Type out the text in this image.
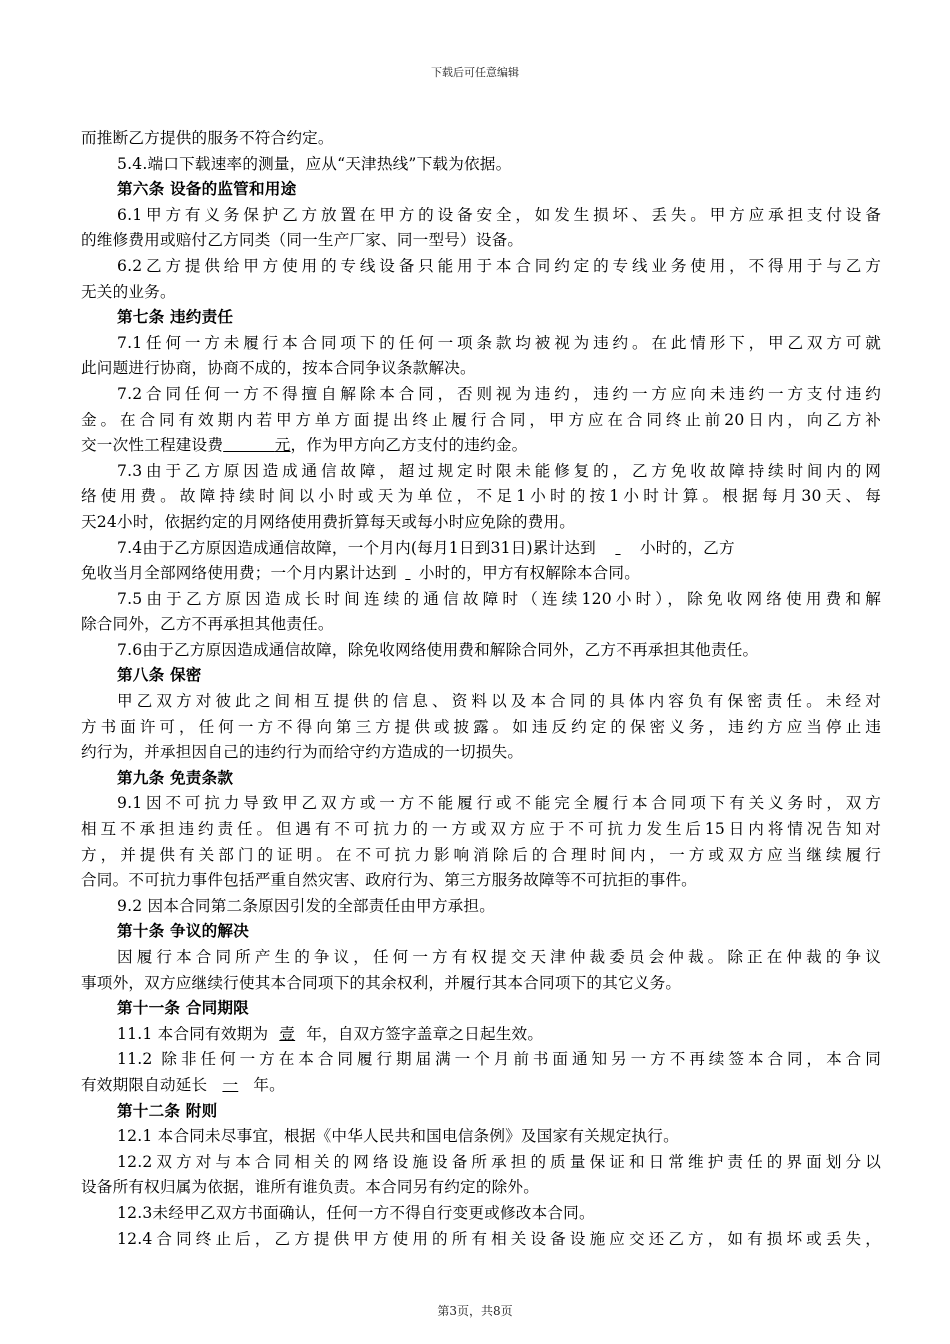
下载后可任意编辑
而推断乙方提供的服务不符合约定。
5.4.端口下载速率的测量，应从“天津热线”下载为依据。
第六条 设备的监管和用途
6.1甲方有义务保护乙方放置在甲方的设备安全，如发生损坏、丢失。甲方应承担支付设备
的维修费用或赔付乙方同类（同一生产厂家、同一型号）设备。
6.2乙方提供给甲方使用的专线设备只能用于本合同约定的专线业务使用，不得用于与乙方
无关的业务。
第七条 违约责任
7.1任何一方未履行本合同项下的任何一项条款均被视为违约。在此情形下，甲乙双方可就
此问题进行协商，协商不成的，按本合同争议条款解决。
7.2合同任何一方不得擅自解除本合同，否则视为违约，违约一方应向未违约一方支付违约
金。在合同有效期内若甲方单方面提出终止履行合同，甲方应在合同终止前20日内，向乙方补
交一次性工程建设费	元，作为甲方向乙方支付的违约金。
7.3由于乙方原因造成通信故障，超过规定时限未能修复的，乙方免收故障持续时间内的网
络使用费。故障持续时间以小时或天为单位，不足1小时的按1小时计算。根据每月30天、每
天24小时，依据约定的月网络使用费折算每天或每小时应免除的费用。
7.4由于乙方原因造成通信故障，一个月内(每月1日到31日)累计达到	小时的，乙方
免收当月全部网络使用费；一个月内累计达到 小时的，甲方有权解除本合同。
7.5由于乙方原因造成长时间连续的通信故障时（连续120小时），除免收网络使用费和解
除合同外，乙方不再承担其他责任。
7.6由于乙方原因造成通信故障，除免收网络使用费和解除合同外，乙方不再承担其他责任。
第八条 保密
甲乙双方对彼此之间相互提供的信息、资料以及本合同的具体内容负有保密责任。未经对
方书面许可，任何一方不得向第三方提供或披露。如违反约定的保密义务，违约方应当停止违
约行为，并承担因自己的违约行为而给守约方造成的一切损失。
第九条 免责条款
9.1因不可抗力导致甲乙双方或一方不能履行或不能完全履行本合同项下有关义务时，双方
相互不承担违约责任。但遇有不可抗力的一方或双方应于不可抗力发生后15日内将情况告知对
方，并提供有关部门的证明。在不可抗力影响消除后的合理时间内，一方或双方应当继续履行
合同。不可抗力事件包括严重自然灾害、政府行为、第三方服务故障等不可抗拒的事件。
9.2 因本合同第二条原因引发的全部责任由甲方承担。
第十条 争议的解决
因履行本合同所产生的争议，任何一方有权提交天津仲裁委员会仲裁。除正在仲裁的争议
事项外，双方应继续行使其本合同项下的其余权利，并履行其本合同项下的其它义务。
第十一条 合同期限
11.1 本合同有效期为 壹 年，自双方签字盖章之日起生效。
11.2 除非任何一方在本合同履行期届满一个月前书面通知另一方不再续签本合同，本合同
有效期限自动延长 一 年。
第十二条 附则
12.1 本合同未尽事宜，根据《中华人民共和国电信条例》及国家有关规定执行。
12.2双方对与本合同相关的网络设施设备所承担的质量保证和日常维护责任的界面划分以
设备所有权归属为依据，谁所有谁负责。本合同另有约定的除外。
12.3未经甲乙双方书面确认，任何一方不得自行变更或修改本合同。
12.4合同终止后，乙方提供甲方使用的所有相关设备设施应交还乙方，如有损坏或丢失，
第3页，共8页
